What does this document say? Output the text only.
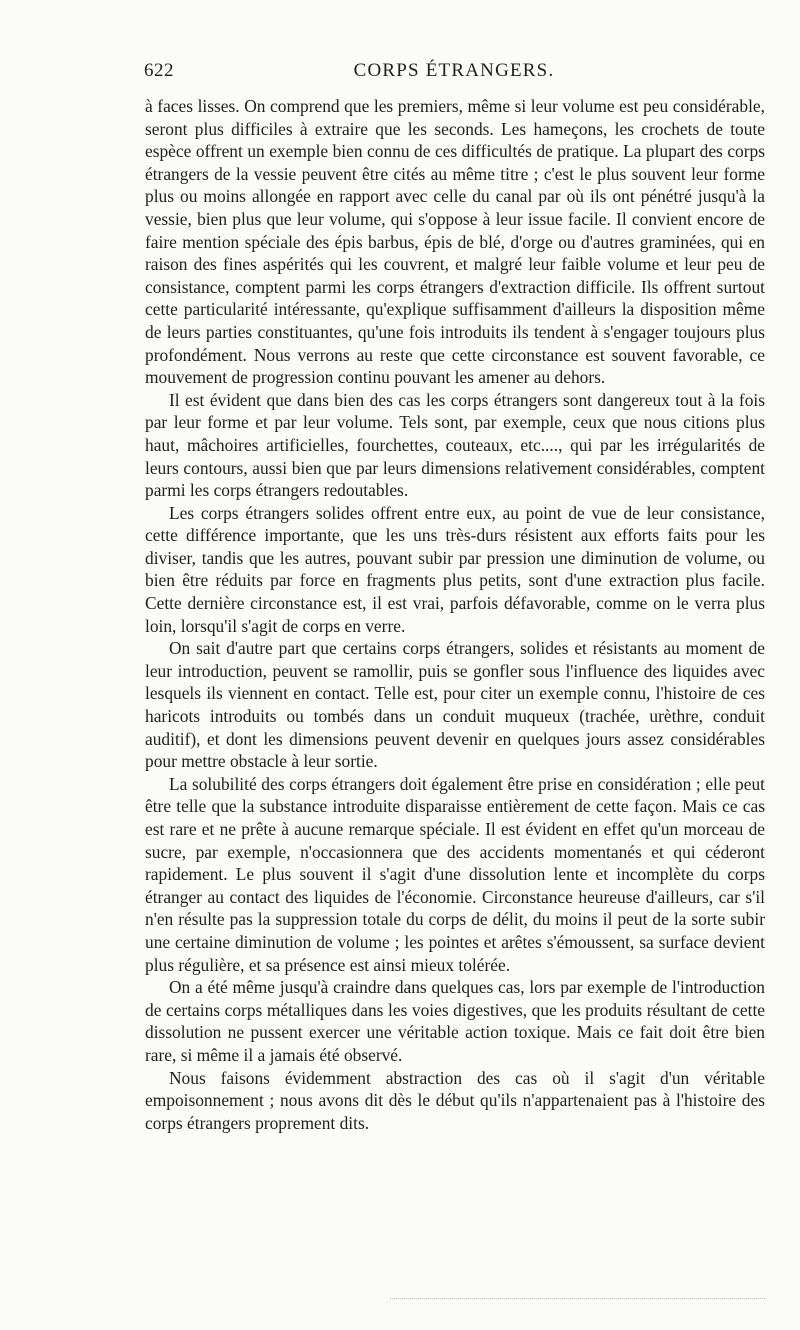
622	CORPS ÉTRANGERS.

à faces lisses. On comprend que les premiers, même si leur volume est peu considérable, seront plus difficiles à extraire que les seconds. Les hameçons, les crochets de toute espèce offrent un exemple bien connu de ces difficultés de pratique. La plupart des corps étrangers de la vessie peuvent être cités au même titre ; c'est le plus souvent leur forme plus ou moins allongée en rapport avec celle du canal par où ils ont pénétré jusqu'à la vessie, bien plus que leur volume, qui s'oppose à leur issue facile. Il convient encore de faire mention spéciale des épis barbus, épis de blé, d'orge ou d'autres graminées, qui en raison des fines aspérités qui les couvrent, et malgré leur faible volume et leur peu de consistance, comptent parmi les corps étrangers d'extraction difficile. Ils offrent surtout cette particularité intéressante, qu'explique suffisamment d'ailleurs la disposition même de leurs parties constituantes, qu'une fois introduits ils tendent à s'engager toujours plus profondément. Nous verrons au reste que cette circonstance est souvent favorable, ce mouvement de progression continu pouvant les amener au dehors.

Il est évident que dans bien des cas les corps étrangers sont dangereux tout à la fois par leur forme et par leur volume. Tels sont, par exemple, ceux que nous citions plus haut, mâchoires artificielles, fourchettes, couteaux, etc...., qui par les irrégularités de leurs contours, aussi bien que par leurs dimensions relativement considérables, comptent parmi les corps étrangers redoutables.

Les corps étrangers solides offrent entre eux, au point de vue de leur consistance, cette différence importante, que les uns très-durs résistent aux efforts faits pour les diviser, tandis que les autres, pouvant subir par pression une diminution de volume, ou bien être réduits par force en fragments plus petits, sont d'une extraction plus facile. Cette dernière circonstance est, il est vrai, parfois défavorable, comme on le verra plus loin, lorsqu'il s'agit de corps en verre.

On sait d'autre part que certains corps étrangers, solides et résistants au moment de leur introduction, peuvent se ramollir, puis se gonfler sous l'influence des liquides avec lesquels ils viennent en contact. Telle est, pour citer un exemple connu, l'histoire de ces haricots introduits ou tombés dans un conduit muqueux (trachée, urèthre, conduit auditif), et dont les dimensions peuvent devenir en quelques jours assez considérables pour mettre obstacle à leur sortie.

La solubilité des corps étrangers doit également être prise en considération ; elle peut être telle que la substance introduite disparaisse entièrement de cette façon. Mais ce cas est rare et ne prête à aucune remarque spéciale. Il est évident en effet qu'un morceau de sucre, par exemple, n'occasionnera que des accidents momentanés et qui céderont rapidement. Le plus souvent il s'agit d'une dissolution lente et incomplète du corps étranger au contact des liquides de l'économie. Circonstance heureuse d'ailleurs, car s'il n'en résulte pas la suppression totale du corps de délit, du moins il peut de la sorte subir une certaine diminution de volume ; les pointes et arêtes s'émoussent, sa surface devient plus régulière, et sa présence est ainsi mieux tolérée.

On a été même jusqu'à craindre dans quelques cas, lors par exemple de l'introduction de certains corps métalliques dans les voies digestives, que les produits résultant de cette dissolution ne pussent exercer une véritable action toxique. Mais ce fait doit être bien rare, si même il a jamais été observé.

Nous faisons évidemment abstraction des cas où il s'agit d'un véritable empoisonnement ; nous avons dit dès le début qu'ils n'appartenaient pas à l'histoire des corps étrangers proprement dits.
